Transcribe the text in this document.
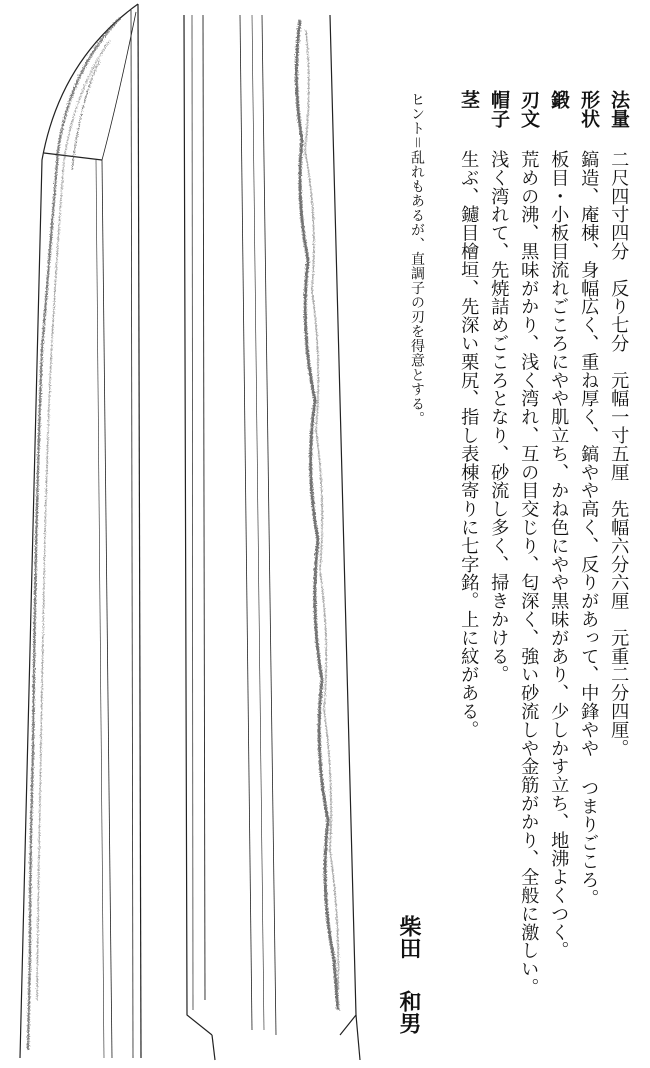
ヒント＝乱れもあるが、直調子の刃を得意とする。	法量
二尺四寸四分　反り七分　元幅一寸五厘　先幅六分六厘　元重二分四厘。
形状
鎬造、庵棟、身幅広く、重ね厚く、鎬やや高く、反りがあって、中鋒やや つまりごころ。
鍛
板目・小板目流れごころにやや肌立ち、かね色にやや黒味があり、少しかす立ち、地沸よくつく。
刃文
荒めの沸、黒味がかり、浅く湾れ、互の目交じり、匂深く、強い砂流しや金筋がかり、全般に激しい。
帽子
浅く湾れて、先焼詰めごころとなり、砂流し多く、掃きかける。
茎
生ぶ、鑢目檜垣、先深い栗尻、指し表棟寄りに七字銘。上に紋がある。
柴田
和男
